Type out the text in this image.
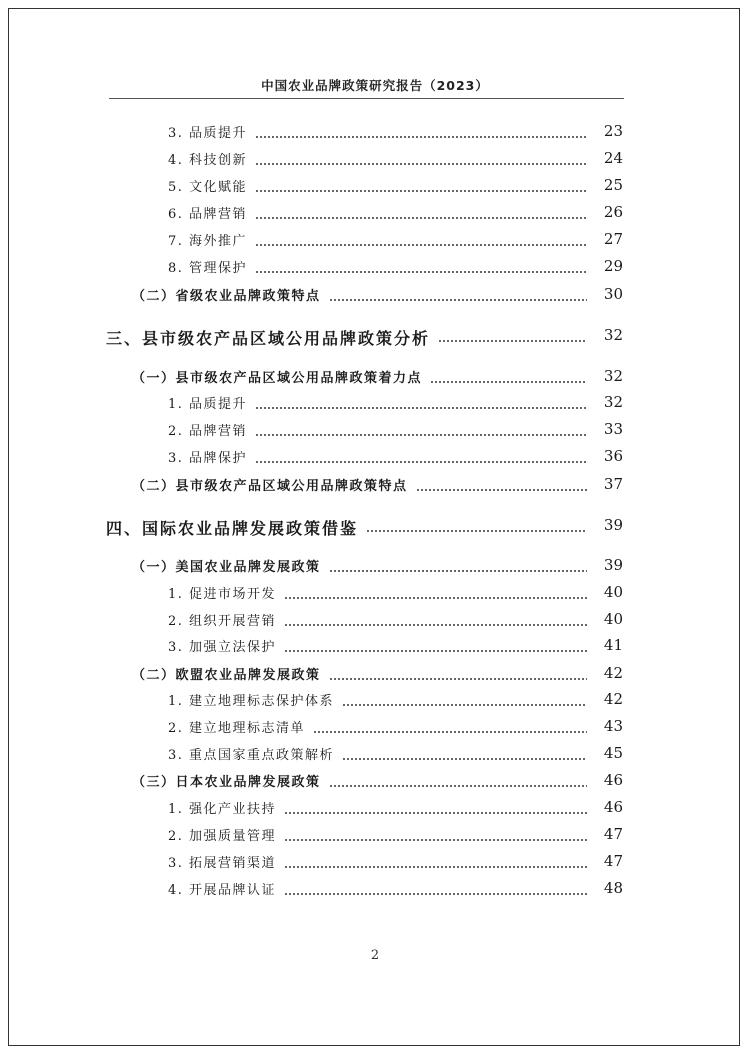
中国农业品牌政策研究报告（2023）
3. 品质提升	23
4. 科技创新	24
5. 文化赋能	25
6. 品牌营销	26
7. 海外推广	27
8. 管理保护	29
（二）省级农业品牌政策特点	30
三、县市级农产品区域公用品牌政策分析	32
（一）县市级农产品区域公用品牌政策着力点	32
1. 品质提升	32
2. 品牌营销	33
3. 品牌保护	36
（二）县市级农产品区域公用品牌政策特点	37
四、国际农业品牌发展政策借鉴	39
（一）美国农业品牌发展政策	39
1. 促进市场开发	40
2. 组织开展营销	40
3. 加强立法保护	41
（二）欧盟农业品牌发展政策	42
1. 建立地理标志保护体系	42
2. 建立地理标志清单	43
3. 重点国家重点政策解析	45
（三）日本农业品牌发展政策	46
1. 强化产业扶持	46
2. 加强质量管理	47
3. 拓展营销渠道	47
4. 开展品牌认证	48
2
